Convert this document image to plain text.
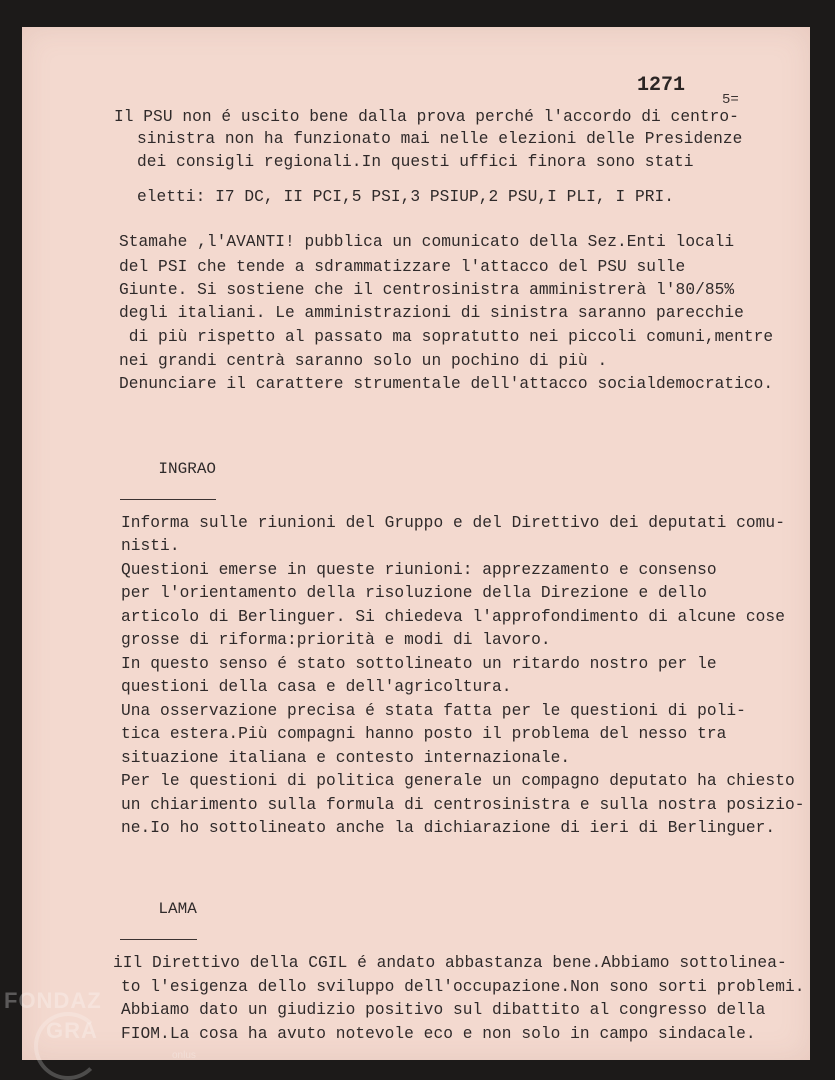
1271
5=
Il PSU non é uscito bene dalla prova perché l'accordo di centro-
sinistra non ha funzionato mai nelle elezioni delle Presidenze
dei consigli regionali.In questi uffici finora sono stati
eletti: I7 DC, II PCI,5 PSI,3 PSIUP,2 PSU,I PLI, I PRI.
Stamahe ,l'AVANTI! pubblica un comunicato della Sez.Enti locali
del PSI che tende a sdrammatizzare l'attacco del PSU sulle
Giunte. Si sostiene che il centrosinistra amministrerà l'80/85%
degli italiani. Le amministrazioni di sinistra saranno parecchie
di più rispetto al passato ma sopratutto nei piccoli comuni,mentre
nei grandi centrà saranno solo un pochino di più .
Denunciare il carattere strumentale dell'attacco socialdemocratico.

INGRAO

Informa sulle riunioni del Gruppo e del Direttivo dei deputati comu-
nisti.
Questioni emerse in queste riunioni: apprezzamento e consenso
per l'orientamento della risoluzione della Direzione e dello
articolo di Berlinguer. Si chiedeva l'approfondimento di alcune cose
grosse di riforma:priorità e modi di lavoro.
In questo senso é stato sottolineato un ritardo nostro per le
questioni della casa e dell'agricoltura.
Una osservazione precisa é stata fatta per le questioni di poli-
tica estera.Più compagni hanno posto il problema del nesso tra
situazione italiana e contesto internazionale.
Per le questioni di politica generale un compagno deputato ha chiesto
un chiarimento sulla formula di centrosinistra e sulla nostra posizio-
ne.Io ho sottolineato anche la dichiarazione di ieri di Berlinguer.

LAMA

iIl Direttivo della CGIL é andato abbastanza bene.Abbiamo sottolinea-
to l'esigenza dello sviluppo dell'occupazione.Non sono sorti problemi.
Abbiamo dato un giudizio positivo sul dibattito al congresso della
FIOM.La cosa ha avuto notevole eco e non solo in campo sindacale.
FONDAZ
GRA
onlus
